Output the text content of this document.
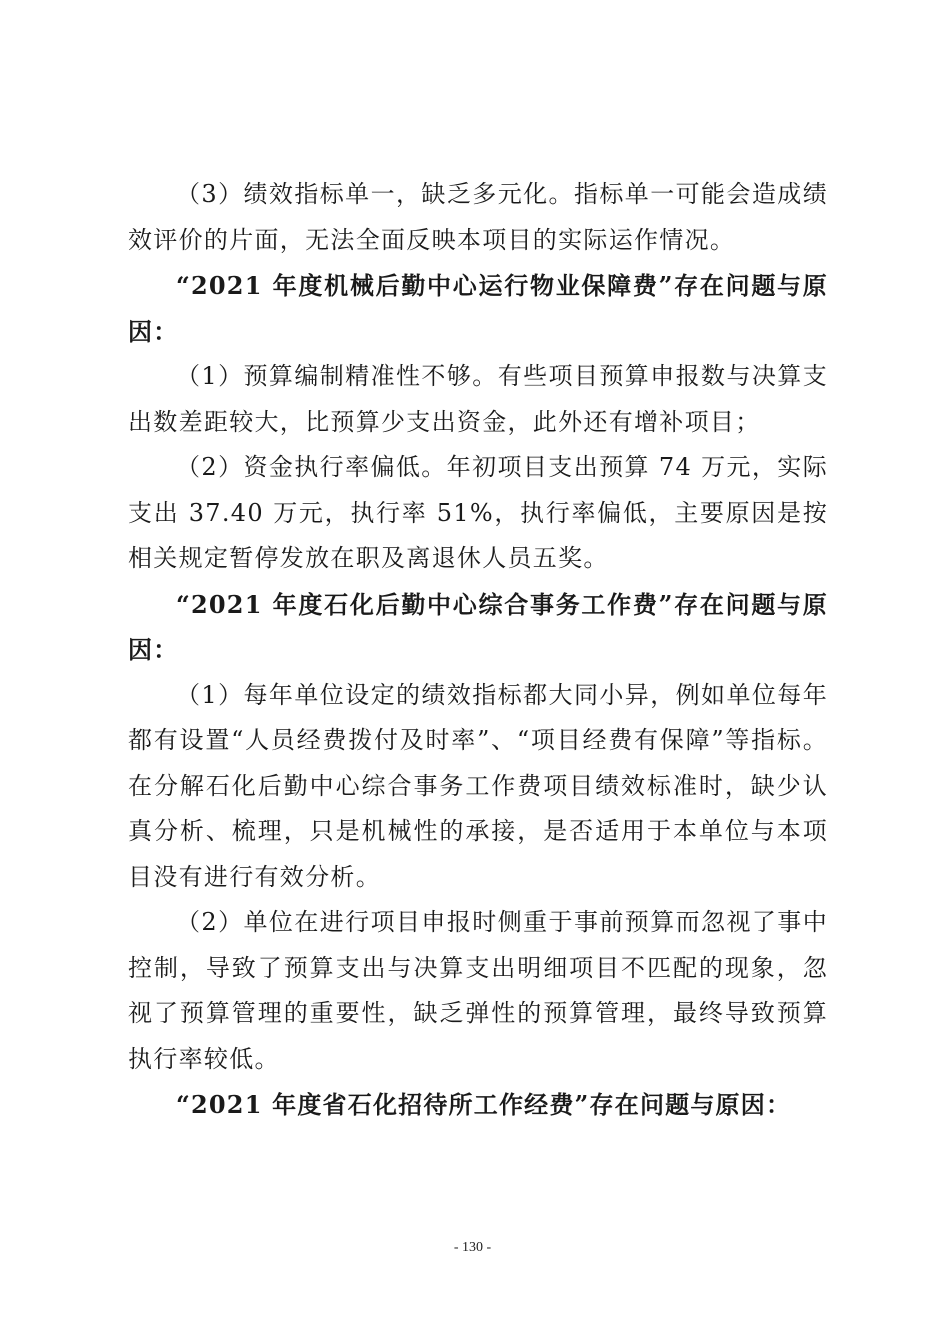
（3）绩效指标单一，缺乏多元化。指标单一可能会造成绩效评价的片面，无法全面反映本项目的实际运作情况。

“2021 年度机械后勤中心运行物业保障费”存在问题与原因：

（1）预算编制精准性不够。有些项目预算申报数与决算支出数差距较大，比预算少支出资金，此外还有增补项目；

（2）资金执行率偏低。年初项目支出预算 74 万元，实际支出 37.40 万元，执行率 51%，执行率偏低，主要原因是按相关规定暂停发放在职及离退休人员五奖。

“2021 年度石化后勤中心综合事务工作费”存在问题与原因：

（1）每年单位设定的绩效指标都大同小异，例如单位每年都有设置“人员经费拨付及时率”、“项目经费有保障”等指标。在分解石化后勤中心综合事务工作费项目绩效标准时，缺少认真分析、梳理，只是机械性的承接，是否适用于本单位与本项目没有进行有效分析。

（2）单位在进行项目申报时侧重于事前预算而忽视了事中控制，导致了预算支出与决算支出明细项目不匹配的现象，忽视了预算管理的重要性，缺乏弹性的预算管理，最终导致预算执行率较低。

“2021 年度省石化招待所工作经费”存在问题与原因：

- 130 -
